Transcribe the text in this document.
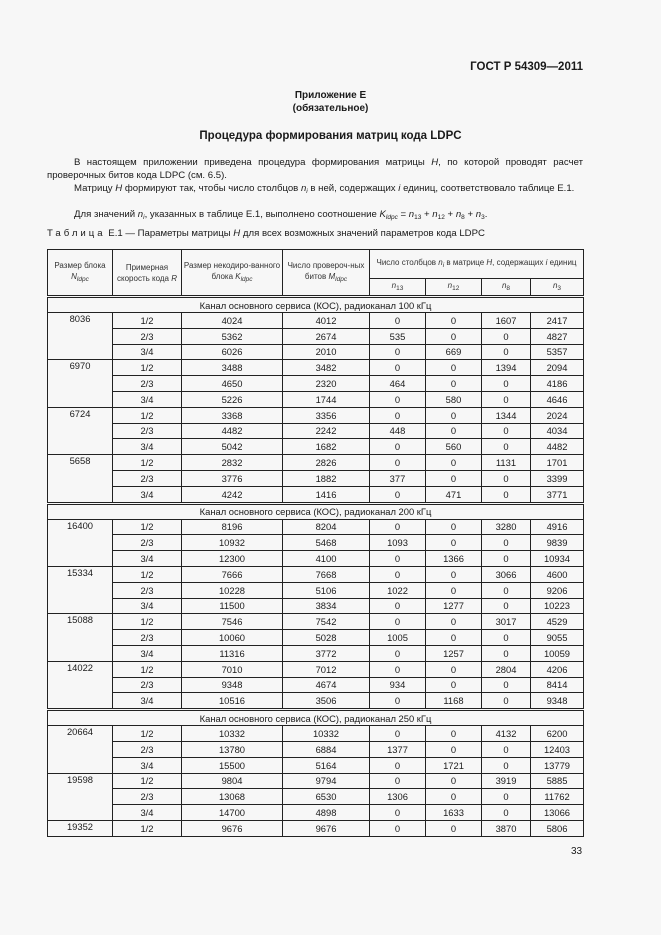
ГОСТ Р 54309—2011
Приложение Е
(обязательное)
Процедура формирования матриц кода LDPC
В настоящем приложении приведена процедура формирования матрицы H, по которой проводят расчет проверочных битов кода LDPC (см. 6.5).
Матрицу H формируют так, чтобы число столбцов $n_i$ в ней, содержащих i единиц, соответствовало таблице Е.1.
Для значений $n_i$, указанных в таблице Е.1, выполнено соотношение $K_{ldpc} = n_{13} + n_{12} + n_8 + n_3$.
Таблица Е.1 — Параметры матрицы H для всех возможных значений параметров кода LDPC
Размер блока $N_{ldpc}$	Примерная скорость кода R	Размер некодиро-ванного блока $K_{ldpc}$	Число провероч-ных битов $M_{ldpc}$	Число столбцов $n_i$ в матрице H, содержащих i единиц			
				$n_{13}$	$n_{12}$	$n_8$	$n_3$
Канал основного сервиса (КОС), радиоканал 100 кГц							
8036	1/2	4024	4012	0	0	1607	2417
	2/3	5362	2674	535	0	0	4827
	3/4	6026	2010	0	669	0	5357
6970	1/2	3488	3482	0	0	1394	2094
	2/3	4650	2320	464	0	0	4186
	3/4	5226	1744	0	580	0	4646
6724	1/2	3368	3356	0	0	1344	2024
	2/3	4482	2242	448	0	0	4034
	3/4	5042	1682	0	560	0	4482
5658	1/2	2832	2826	0	0	1131	1701
	2/3	3776	1882	377	0	0	3399
	3/4	4242	1416	0	471	0	3771
Канал основного сервиса (КОС), радиоканал 200 кГц							
16400	1/2	8196	8204	0	0	3280	4916
	2/3	10932	5468	1093	0	0	9839
	3/4	12300	4100	0	1366	0	10934
15334	1/2	7666	7668	0	0	3066	4600
	2/3	10228	5106	1022	0	0	9206
	3/4	11500	3834	0	1277	0	10223
15088	1/2	7546	7542	0	0	3017	4529
	2/3	10060	5028	1005	0	0	9055
	3/4	11316	3772	0	1257	0	10059
14022	1/2	7010	7012	0	0	2804	4206
	2/3	9348	4674	934	0	0	8414
	3/4	10516	3506	0	1168	0	9348
Канал основного сервиса (КОС), радиоканал 250 кГц							
20664	1/2	10332	10332	0	0	4132	6200
	2/3	13780	6884	1377	0	0	12403
	3/4	15500	5164	0	1721	0	13779
19598	1/2	9804	9794	0	0	3919	5885
	2/3	13068	6530	1306	0	0	11762
	3/4	14700	4898	0	1633	0	13066
19352	1/2	9676	9676	0	0	3870	5806
33
